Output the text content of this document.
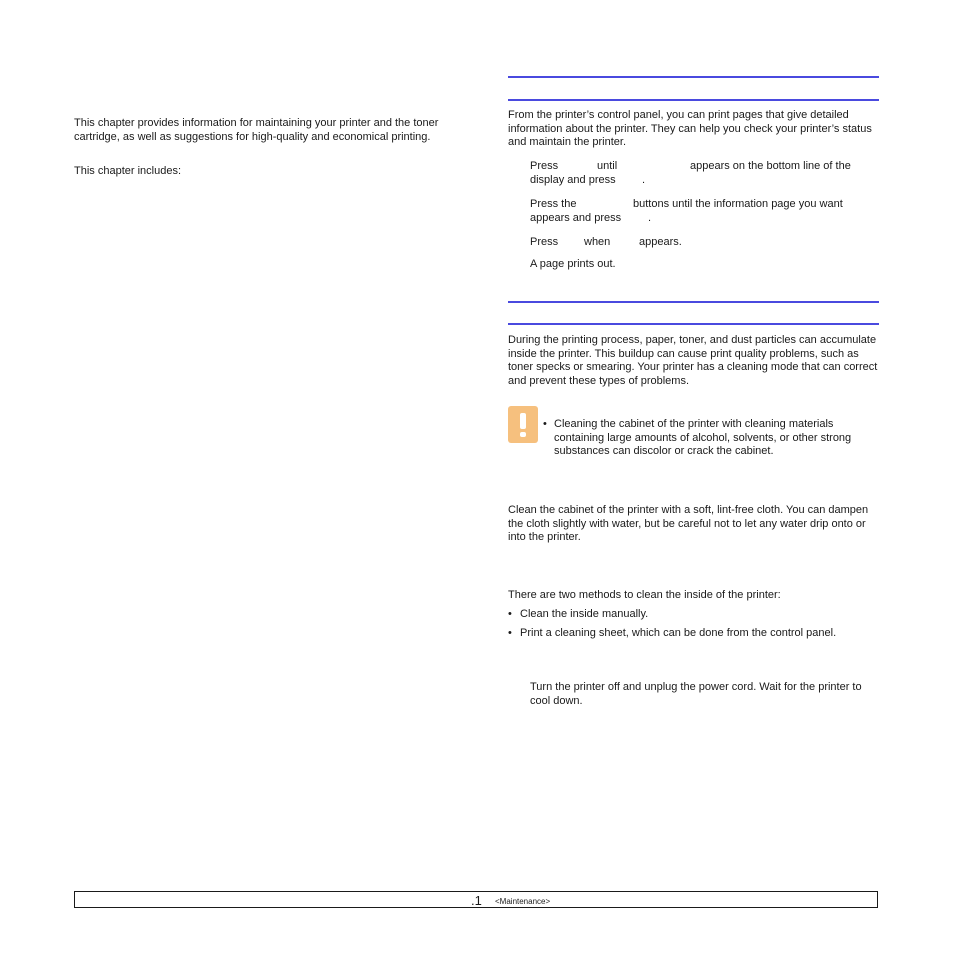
This chapter provides information for maintaining your printer and the toner cartridge, as well as suggestions for high-quality and economical printing.
This chapter includes:
From the printer’s control panel, you can print pages that give detailed information about the printer. They can help you check your printer’s status and maintain the printer.
Press	until	appears on the bottom line of the
display and press .
Press the	buttons until the information page you want
appears and press .
Press when	appears.
A page prints out.
During the printing process, paper, toner, and dust particles can accumulate inside the printer. This buildup can cause print quality problems, such as toner specks or smearing. Your printer has a cleaning mode that can correct and prevent these types of problems.
• Cleaning the cabinet of the printer with cleaning materials containing large amounts of alcohol, solvents, or other strong substances can discolor or crack the cabinet.
Clean the cabinet of the printer with a soft, lint-free cloth. You can dampen the cloth slightly with water, but be careful not to let any water drip onto or into the printer.
There are two methods to clean the inside of the printer:
• Clean the inside manually.
• Print a cleaning sheet, which can be done from the control panel.
Turn the printer off and unplug the power cord. Wait for the printer to cool down.
.1 <Maintenance>
